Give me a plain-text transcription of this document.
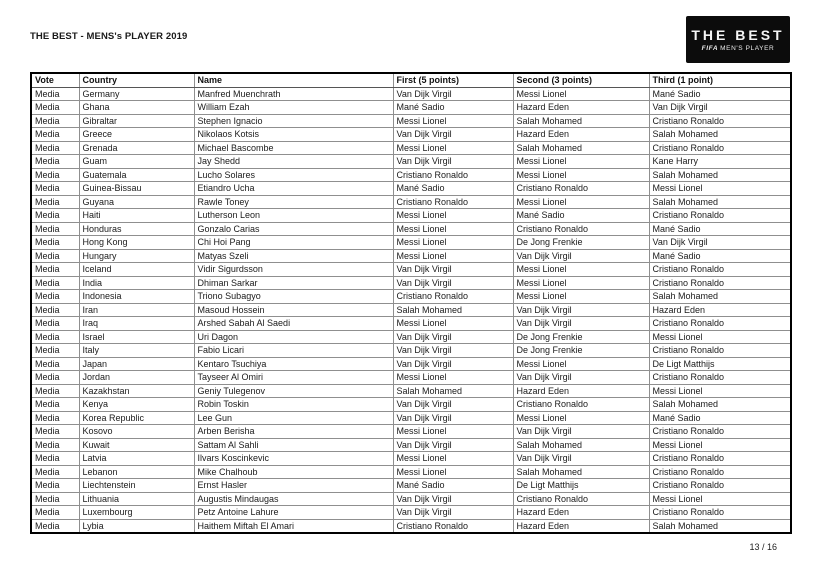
THE BEST - MENS's PLAYER 2019	THE BEST
FIFA MEN'S PLAYER
Vote	Country	Name	First (5 points)	Second (3 points)	Third (1 point)
Media	Germany	Manfred Muenchrath	Van Dijk Virgil	Messi Lionel	Mané Sadio
Media	Ghana	William Ezah	Mané Sadio	Hazard Eden	Van Dijk Virgil
Media	Gibraltar	Stephen Ignacio	Messi Lionel	Salah Mohamed	Cristiano Ronaldo
Media	Greece	Nikolaos Kotsis	Van Dijk Virgil	Hazard Eden	Salah Mohamed
Media	Grenada	Michael Bascombe	Messi Lionel	Salah Mohamed	Cristiano Ronaldo
Media	Guam	Jay Shedd	Van Dijk Virgil	Messi Lionel	Kane Harry
Media	Guatemala	Lucho Solares	Cristiano Ronaldo	Messi Lionel	Salah Mohamed
Media	Guinea-Bissau	Etiandro Ucha	Mané Sadio	Cristiano Ronaldo	Messi Lionel
Media	Guyana	Rawle Toney	Cristiano Ronaldo	Messi Lionel	Salah Mohamed
Media	Haiti	Lutherson Leon	Messi Lionel	Mané Sadio	Cristiano Ronaldo
Media	Honduras	Gonzalo Carias	Messi Lionel	Cristiano Ronaldo	Mané Sadio
Media	Hong Kong	Chi Hoi Pang	Messi Lionel	De Jong Frenkie	Van Dijk Virgil
Media	Hungary	Matyas Szeli	Messi Lionel	Van Dijk Virgil	Mané Sadio
Media	Iceland	Vidir Sigurdsson	Van Dijk Virgil	Messi Lionel	Cristiano Ronaldo
Media	India	Dhiman Sarkar	Van Dijk Virgil	Messi Lionel	Cristiano Ronaldo
Media	Indonesia	Triono Subagyo	Cristiano Ronaldo	Messi Lionel	Salah Mohamed
Media	Iran	Masoud Hossein	Salah Mohamed	Van Dijk Virgil	Hazard Eden
Media	Iraq	Arshed Sabah Al Saedi	Messi Lionel	Van Dijk Virgil	Cristiano Ronaldo
Media	Israel	Uri Dagon	Van Dijk Virgil	De Jong Frenkie	Messi Lionel
Media	Italy	Fabio Licari	Van Dijk Virgil	De Jong Frenkie	Cristiano Ronaldo
Media	Japan	Kentaro Tsuchiya	Van Dijk Virgil	Messi Lionel	De Ligt Matthijs
Media	Jordan	Tayseer Al Omiri	Messi Lionel	Van Dijk Virgil	Cristiano Ronaldo
Media	Kazakhstan	Geniy Tulegenov	Salah Mohamed	Hazard Eden	Messi Lionel
Media	Kenya	Robin Toskin	Van Dijk Virgil	Cristiano Ronaldo	Salah Mohamed
Media	Korea Republic	Lee Gun	Van Dijk Virgil	Messi Lionel	Mané Sadio
Media	Kosovo	Arben Berisha	Messi Lionel	Van Dijk Virgil	Cristiano Ronaldo
Media	Kuwait	Sattam Al Sahli	Van Dijk Virgil	Salah Mohamed	Messi Lionel
Media	Latvia	Ilvars Koscinkevic	Messi Lionel	Van Dijk Virgil	Cristiano Ronaldo
Media	Lebanon	Mike Chalhoub	Messi Lionel	Salah Mohamed	Cristiano Ronaldo
Media	Liechtenstein	Ernst Hasler	Mané Sadio	De Ligt Matthijs	Cristiano Ronaldo
Media	Lithuania	Augustis Mindaugas	Van Dijk Virgil	Cristiano Ronaldo	Messi Lionel
Media	Luxembourg	Petz Antoine Lahure	Van Dijk Virgil	Hazard Eden	Cristiano Ronaldo
Media	Lybia	Haithem Miftah El Amari	Cristiano Ronaldo	Hazard Eden	Salah Mohamed
13 / 16
